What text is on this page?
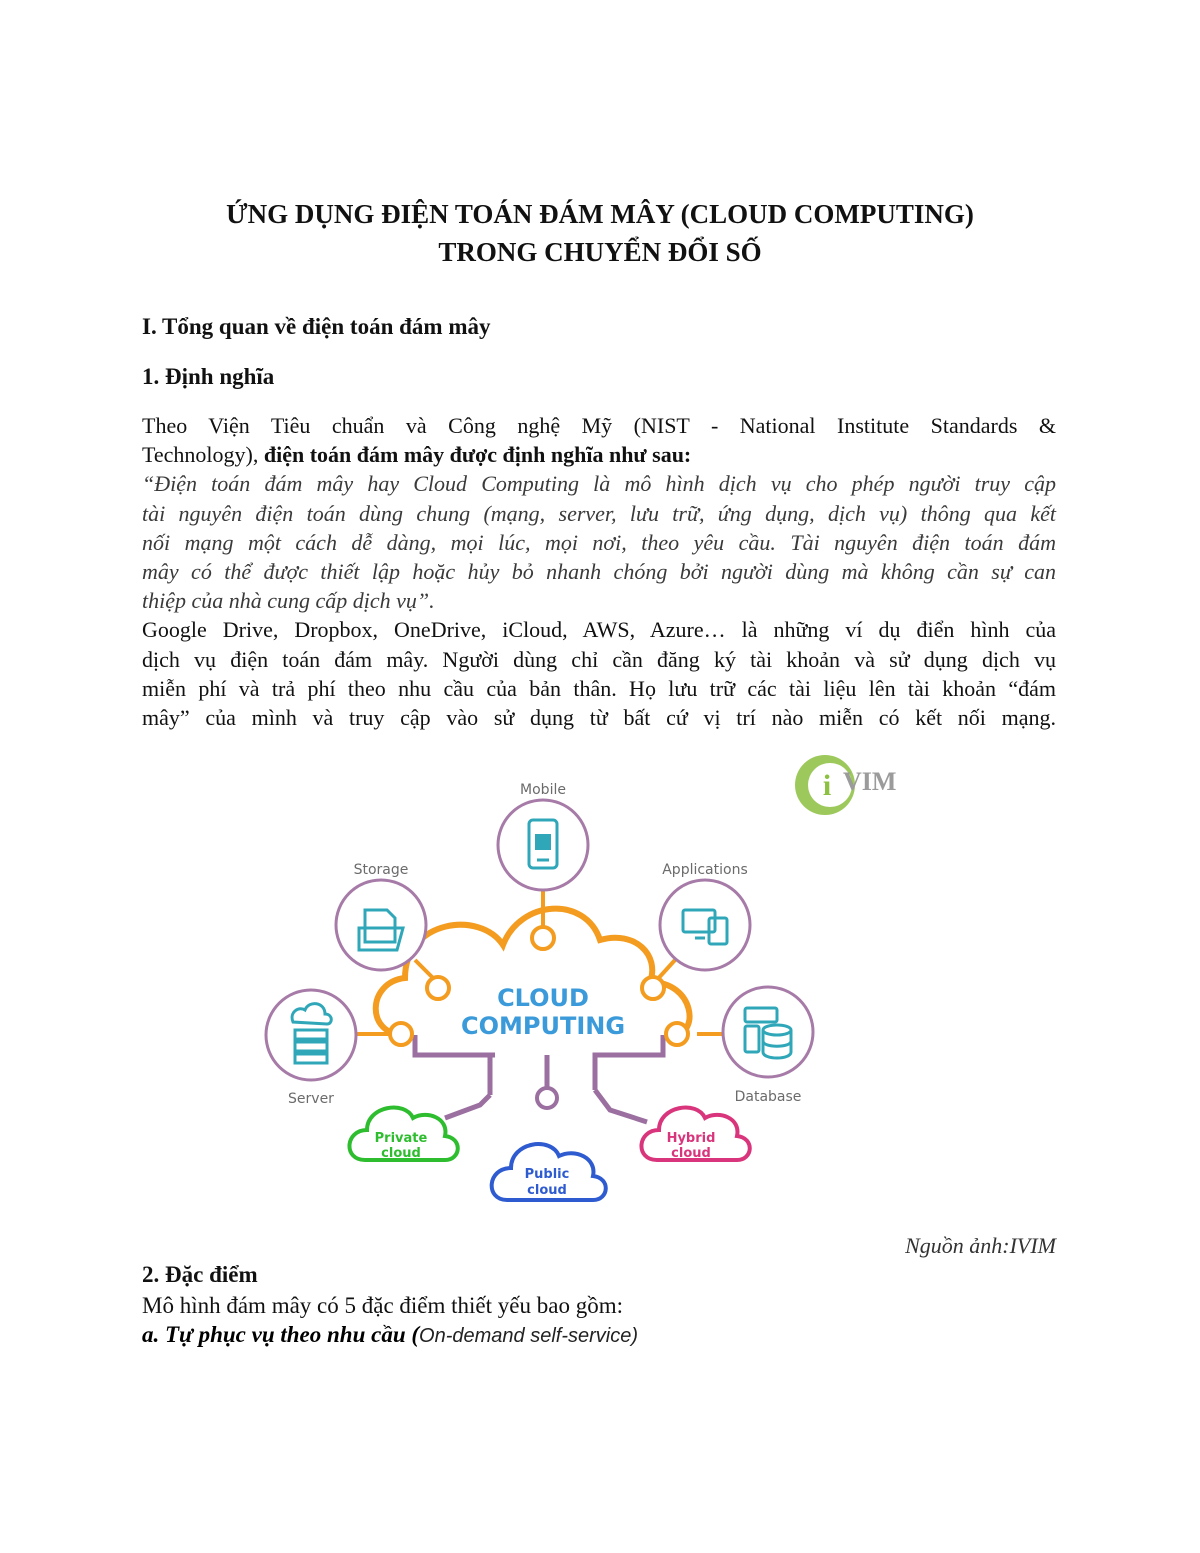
ỨNG DỤNG ĐIỆN TOÁN ĐÁM MÂY (CLOUD COMPUTING)
TRONG CHUYỂN ĐỔI SỐ
I. Tổng quan về điện toán đám mây
1. Định nghĩa

Theo Viện Tiêu chuẩn và Công nghệ Mỹ (NIST - National Institute Standards &

Technology), điện toán đám mây được định nghĩa như sau:

“Điện toán đám mây hay Cloud Computing là mô hình dịch vụ cho phép người truy cập

tài nguyên điện toán dùng chung (mạng, server, lưu trữ, ứng dụng, dịch vụ) thông qua kết

nối mạng một cách dễ dàng, mọi lúc, mọi nơi, theo yêu cầu. Tài nguyên điện toán đám

mây có thể được thiết lập hoặc hủy bỏ nhanh chóng bởi người dùng mà không cần sự can

thiệp của nhà cung cấp dịch vụ”.

Google Drive, Dropbox, OneDrive, iCloud, AWS, Azure… là những ví dụ điển hình của

dịch vụ điện toán đám mây. Người dùng chỉ cần đăng ký tài khoản và sử dụng dịch vụ

miễn phí và trả phí theo nhu cầu của bản thân. Họ lưu trữ các tài liệu lên tài khoản “đám

mây” của mình và truy cập vào sử dụng từ bất cứ vị trí nào miễn có kết nối mạng.

CLOUD
COMPUTING
Mobile
Storage	Applications
Server	Database
Private
cloud
Public
cloud
Hybrid
cloud
i VIM
Nguồn ảnh:IVIM
2. Đặc điểm
Mô hình đám mây có 5 đặc điểm thiết yếu bao gồm:
a. Tự phục vụ theo nhu cầu (On-demand self-service)
